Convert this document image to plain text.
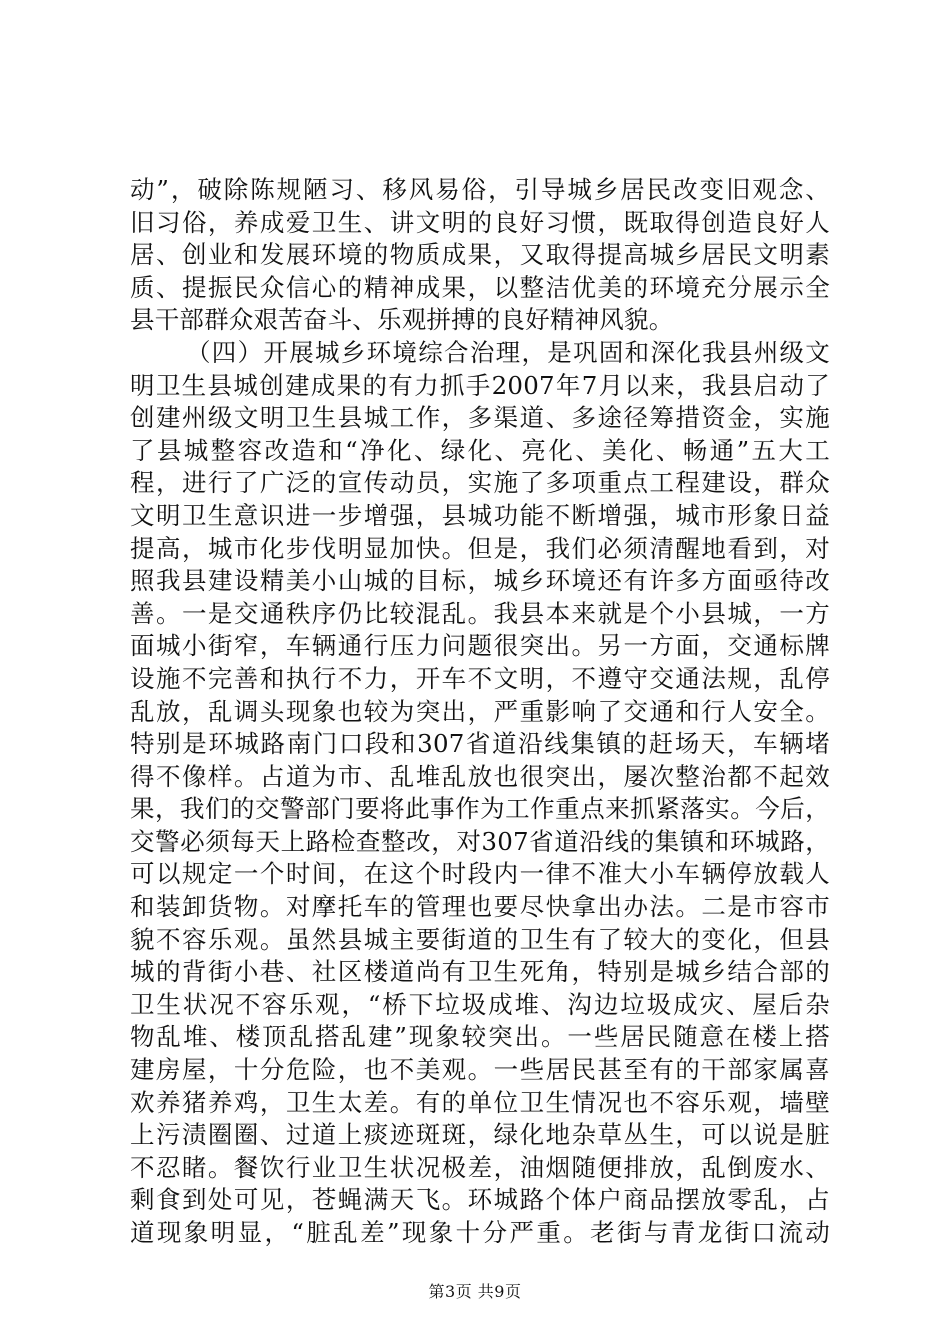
动”，破除陈规陋习、移风易俗，引导城乡居民改变旧观念、
旧习俗，养成爱卫生、讲文明的良好习惯，既取得创造良好人
居、创业和发展环境的物质成果，又取得提高城乡居民文明素
质、提振民众信心的精神成果，以整洁优美的环境充分展示全
县干部群众艰苦奋斗、乐观拼搏的良好精神风貌。
（四）开展城乡环境综合治理，是巩固和深化我县州级文
明卫生县城创建成果的有力抓手2007年7月以来，我县启动了
创建州级文明卫生县城工作，多渠道、多途径筹措资金，实施
了县城整容改造和“净化、绿化、亮化、美化、畅通”五大工
程，进行了广泛的宣传动员，实施了多项重点工程建设，群众
文明卫生意识进一步增强，县城功能不断增强，城市形象日益
提高，城市化步伐明显加快。但是，我们必须清醒地看到，对
照我县建设精美小山城的目标，城乡环境还有许多方面亟待改
善。一是交通秩序仍比较混乱。我县本来就是个小县城，一方
面城小街窄，车辆通行压力问题很突出。另一方面，交通标牌
设施不完善和执行不力，开车不文明，不遵守交通法规，乱停
乱放，乱调头现象也较为突出，严重影响了交通和行人安全。
特别是环城路南门口段和307省道沿线集镇的赶场天，车辆堵
得不像样。占道为市、乱堆乱放也很突出，屡次整治都不起效
果，我们的交警部门要将此事作为工作重点来抓紧落实。今后，
交警必须每天上路检查整改，对307省道沿线的集镇和环城路，
可以规定一个时间，在这个时段内一律不准大小车辆停放载人
和装卸货物。对摩托车的管理也要尽快拿出办法。二是市容市
貌不容乐观。虽然县城主要街道的卫生有了较大的变化，但县
城的背街小巷、社区楼道尚有卫生死角，特别是城乡结合部的
卫生状况不容乐观，“桥下垃圾成堆、沟边垃圾成灾、屋后杂
物乱堆、楼顶乱搭乱建”现象较突出。一些居民随意在楼上搭
建房屋，十分危险，也不美观。一些居民甚至有的干部家属喜
欢养猪养鸡，卫生太差。有的单位卫生情况也不容乐观，墙壁
上污渍圈圈、过道上痰迹斑斑，绿化地杂草丛生，可以说是脏
不忍睹。餐饮行业卫生状况极差，油烟随便排放，乱倒废水、
剩食到处可见，苍蝇满天飞。环城路个体户商品摆放零乱，占
道现象明显，“脏乱差”现象十分严重。老街与青龙街口流动
第3页 共9页
